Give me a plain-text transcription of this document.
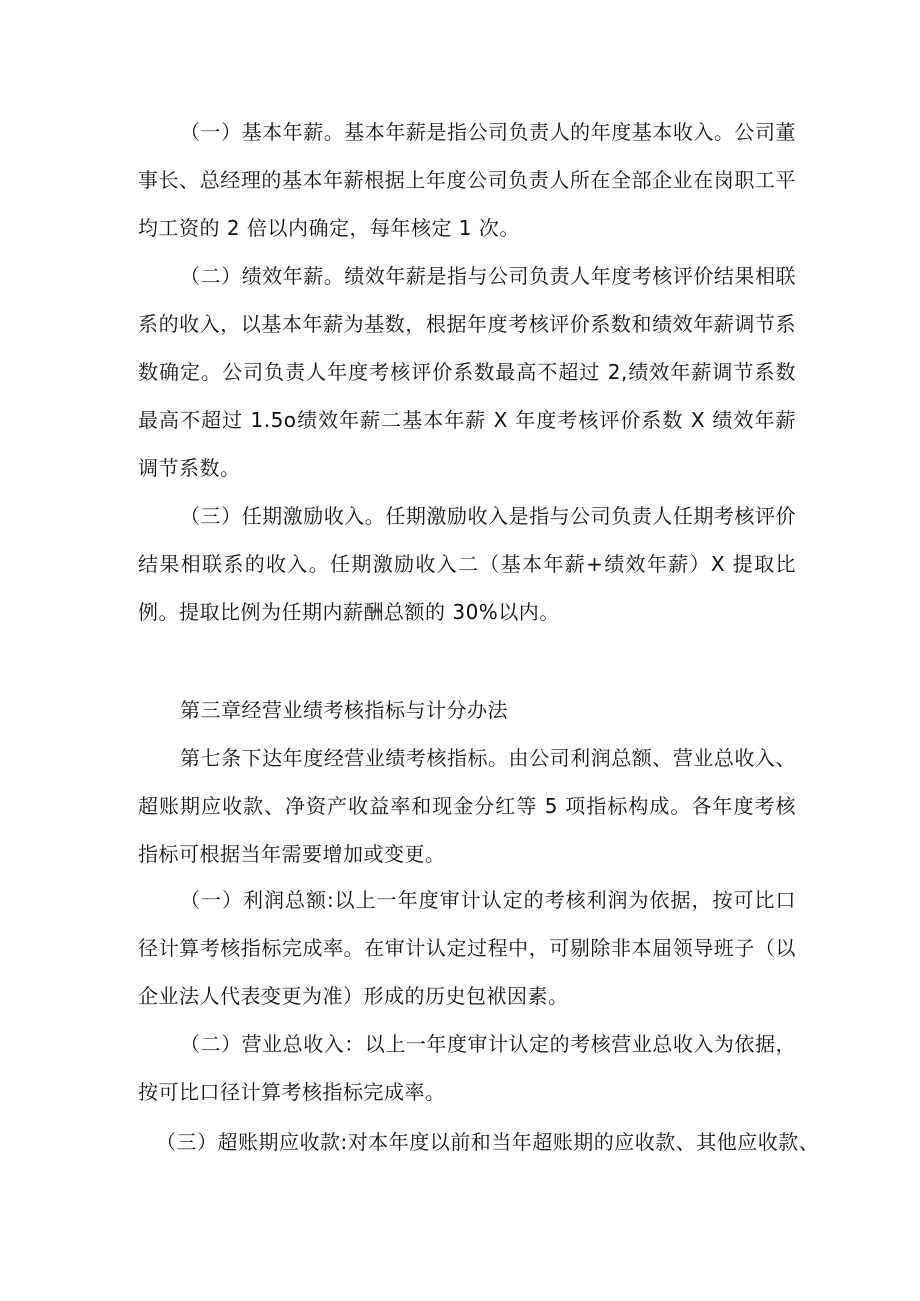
（一）基本年薪。基本年薪是指公司负责人的年度基本收入。公司董事长、总经理的基本年薪根据上年度公司负责人所在全部企业在岗职工平均工资的 2 倍以内确定，每年核定 1 次。

（二）绩效年薪。绩效年薪是指与公司负责人年度考核评价结果相联系的收入，以基本年薪为基数，根据年度考核评价系数和绩效年薪调节系数确定。公司负责人年度考核评价系数最高不超过 2,绩效年薪调节系数最高不超过 1.5o绩效年薪二基本年薪 X 年度考核评价系数 X 绩效年薪调节系数。

（三）任期激励收入。任期激励收入是指与公司负责人任期考核评价结果相联系的收入。任期激励收入二（基本年薪+绩效年薪）X 提取比例。提取比例为任期内薪酬总额的 30%以内。

第三章经营业绩考核指标与计分办法

第七条下达年度经营业绩考核指标。由公司利润总额、营业总收入、超账期应收款、净资产收益率和现金分红等 5 项指标构成。各年度考核指标可根据当年需要增加或变更。

（一）利润总额:以上一年度审计认定的考核利润为依据，按可比口径计算考核指标完成率。在审计认定过程中，可剔除非本届领导班子（以企业法人代表变更为准）形成的历史包袱因素。

（二）营业总收入：以上一年度审计认定的考核营业总收入为依据，按可比口径计算考核指标完成率。

（三）超账期应收款:对本年度以前和当年超账期的应收款、其他应收款、
